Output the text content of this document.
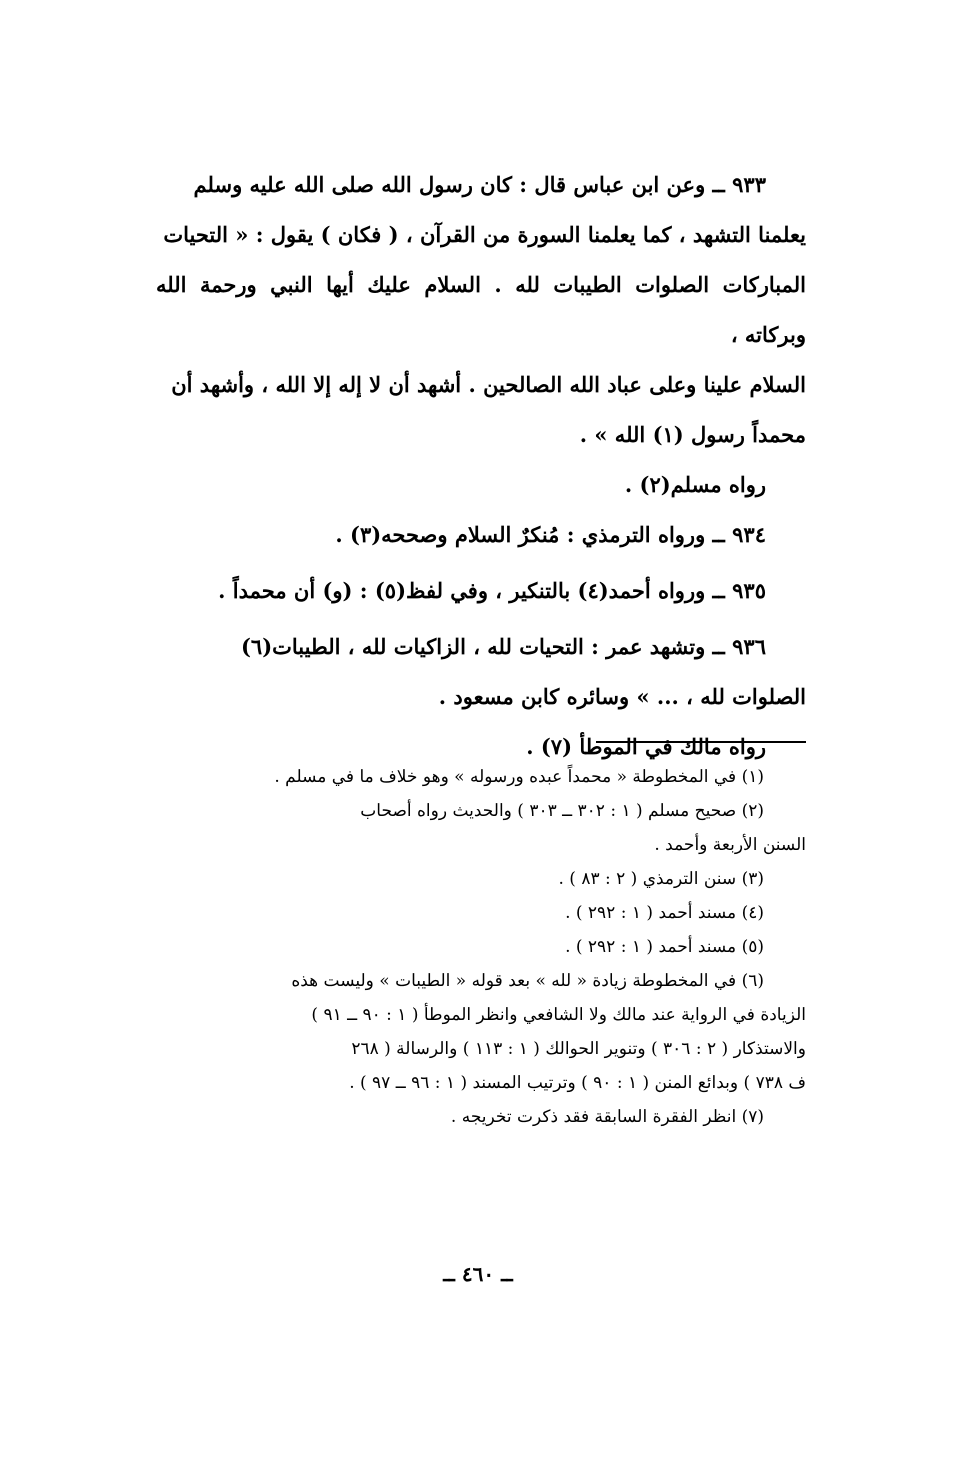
٩٣٣ ــ وعن ابن عباس قال : كان رسول الله صلى الله عليه وسلم

يعلمنا التشهد ، كما يعلمنا السورة من القرآن ، ( فكان ) يقول : « التحيات

المباركات الصلوات الطيبات لله . السلام عليك أيها النبي ورحمة الله وبركاته ،

السلام علينا وعلى عباد الله الصالحين . أشهد أن لا إله إلا الله ، وأشهد أن

محمداً رسول (١) الله » .

رواه مسلم(٢) .

٩٣٤ ــ ورواه الترمذي : مُنكرٌ السلام وصححه(٣) .

٩٣٥ ــ ورواه أحمد(٤) بالتنكير ، وفي لفظ(٥) : (و) أن محمداً .

٩٣٦ ــ وتشهد عمر : التحيات لله ، الزاكيات لله ، الطيبات(٦)

الصلوات لله ، ... » وسائره كابن مسعود .

رواه مالك في الموطأ (٧) .

(١) في المخطوطة « محمداً عبده ورسوله » وهو خلاف ما في مسلم .

(٢) صحيح مسلم ( ١ : ٣٠٢ ــ ٣٠٣ ) والحديث رواه أصحاب

السنن الأربعة وأحمد .

(٣) سنن الترمذي ( ٢ : ٨٣ ) .

(٤) مسند أحمد ( ١ : ٢٩٢ ) .

(٥) مسند أحمد ( ١ : ٢٩٢ ) .

(٦) في المخطوطة زيادة « لله » بعد قوله « الطيبات » وليست هذه

الزيادة في الرواية عند مالك ولا الشافعي وانظر الموطأ ( ١ : ٩٠ ــ ٩١ )

والاستذكار ( ٢ : ٣٠٦ ) وتنوير الحوالك ( ١ : ١١٣ ) والرسالة ( ٢٦٨

ف ٧٣٨ ) وبدائع المنن ( ١ : ٩٠ ) وترتيب المسند ( ١ : ٩٦ ــ ٩٧ ) .

(٧) انظر الفقرة السابقة فقد ذكرت تخريجه .

ــ ٤٦٠ ــ
